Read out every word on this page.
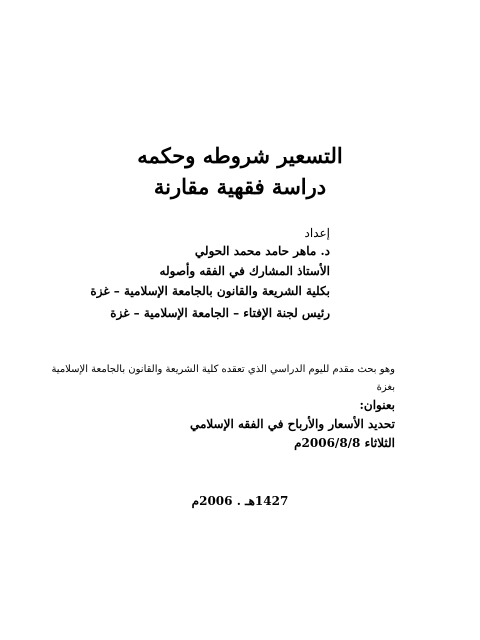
التسعير شروطه وحكمه
دراسة فقهية مقارنة
إعداد
د. ماهر حامد محمد الحولي
الأستاذ المشارك في الفقه وأصوله
بكلية الشريعة والقانون بالجامعة الإسلامية – غزة
رئيس لجنة الإفتاء – الجامعة الإسلامية – غزة
وهو بحث مقدم لليوم الدراسي الذي تعقده كلية الشريعة والقانون بالجامعة الإسلامية
بغزة
بعنوان:
تحديد الأسعار والأرباح في الفقه الإسلامي
الثلاثاء 2006/8/8م
1427هـ . 2006م
